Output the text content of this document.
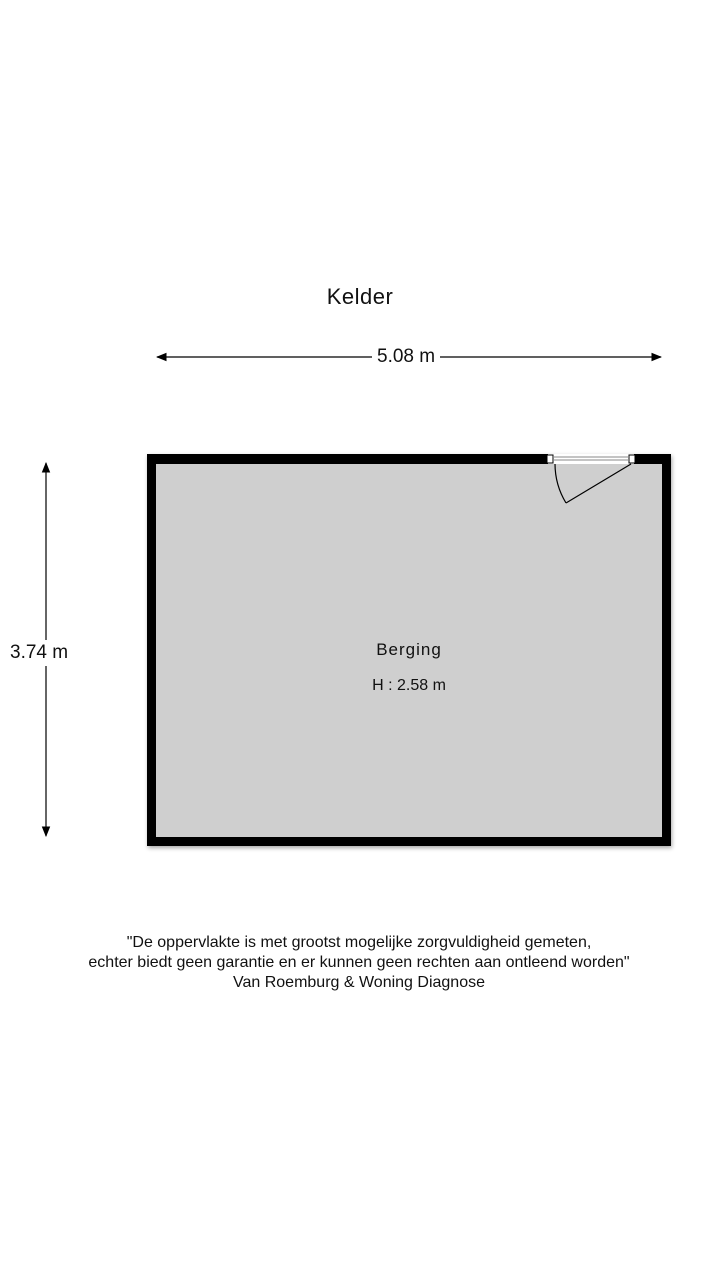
Kelder
5.08 m
3.74 m	Berging
H : 2.58 m
"De oppervlakte is met grootst mogelijke zorgvuldigheid gemeten,
echter biedt geen garantie en er kunnen geen rechten aan ontleend worden"
Van Roemburg & Woning Diagnose
